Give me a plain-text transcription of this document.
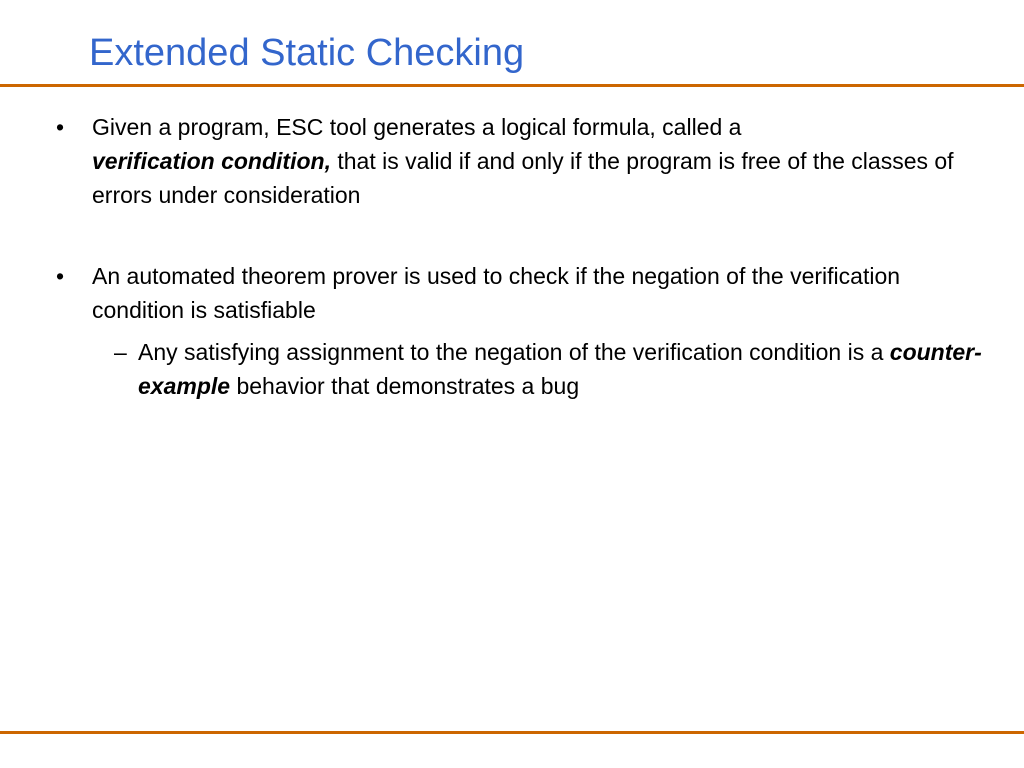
Extended Static Checking
• Given a program, ESC tool generates a logical formula, called a
verification condition, that is valid if and only if the program is free of the classes of errors under consideration
• An automated theorem prover is used to check if the negation of the verification condition is satisfiable
– Any satisfying assignment to the negation of the verification condition is a counter-example behavior that demonstrates a bug
